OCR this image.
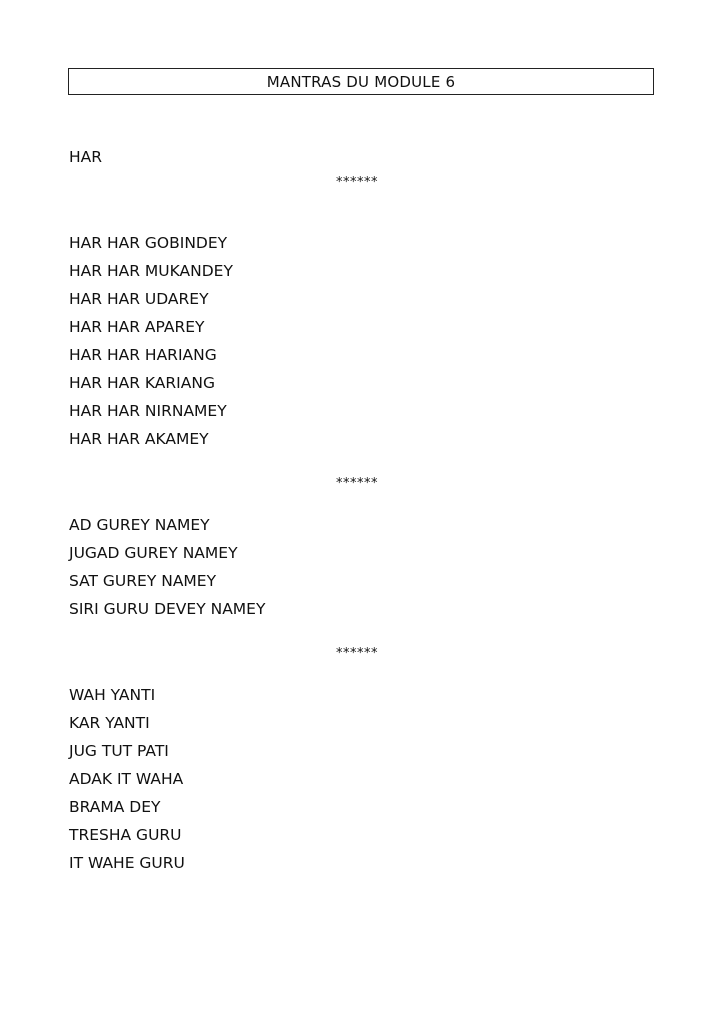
MANTRAS DU MODULE 6
HAR
******
HAR HAR GOBINDEY
HAR HAR MUKANDEY
HAR HAR UDAREY
HAR HAR APAREY
HAR HAR HARIANG
HAR HAR KARIANG
HAR HAR NIRNAMEY
HAR HAR AKAMEY
******
AD GUREY NAMEY
JUGAD GUREY NAMEY
SAT GUREY NAMEY
SIRI GURU DEVEY NAMEY
******
WAH YANTI
KAR YANTI
JUG TUT PATI
ADAK IT WAHA
BRAMA DEY
TRESHA GURU
IT WAHE GURU
